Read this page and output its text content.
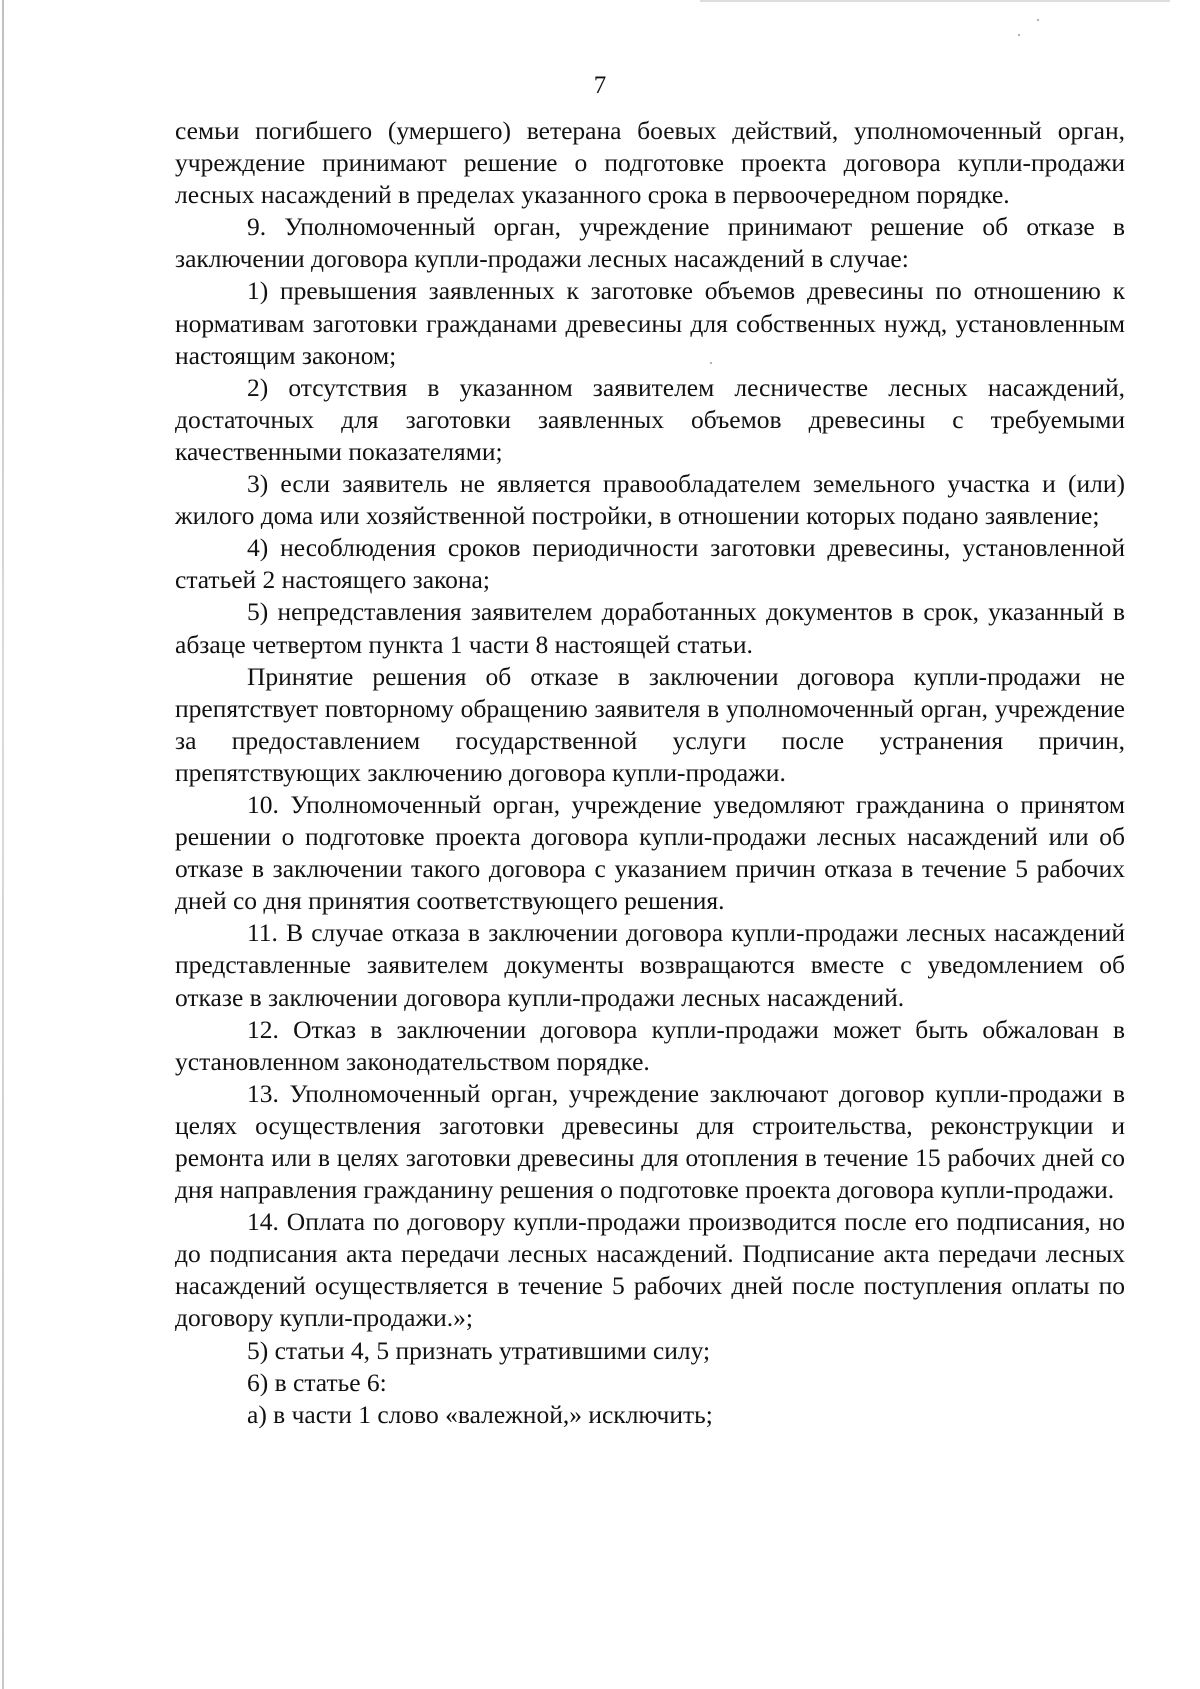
7

семьи погибшего (умершего) ветерана боевых действий, уполномоченный орган, учреждение принимают решение о подготовке проекта договора купли-продажи лесных насаждений в пределах указанного срока в первоочередном порядке.

9. Уполномоченный орган, учреждение принимают решение об отказе в заключении договора купли-продажи лесных насаждений в случае:

1) превышения заявленных к заготовке объемов древесины по отношению к нормативам заготовки гражданами древесины для собственных нужд, установленным настоящим законом;

2) отсутствия в указанном заявителем лесничестве лесных насаждений, достаточных для заготовки заявленных объемов древесины с требуемыми качественными показателями;

3) если заявитель не является правообладателем земельного участка и (или) жилого дома или хозяйственной постройки, в отношении которых подано заявление;

4) несоблюдения сроков периодичности заготовки древесины, установленной статьей 2 настоящего закона;

5) непредставления заявителем доработанных документов в срок, указанный в абзаце четвертом пункта 1 части 8 настоящей статьи.

Принятие решения об отказе в заключении договора купли-продажи не препятствует повторному обращению заявителя в уполномоченный орган, учреждение за предоставлением государственной услуги после устранения причин, препятствующих заключению договора купли-продажи.

10. Уполномоченный орган, учреждение уведомляют гражданина о принятом решении о подготовке проекта договора купли-продажи лесных насаждений или об отказе в заключении такого договора с указанием причин отказа в течение 5 рабочих дней со дня принятия соответствующего решения.

11. В случае отказа в заключении договора купли-продажи лесных насаждений представленные заявителем документы возвращаются вместе с уведомлением об отказе в заключении договора купли-продажи лесных насаждений.

12. Отказ в заключении договора купли-продажи может быть обжалован в установленном законодательством порядке.

13. Уполномоченный орган, учреждение заключают договор купли-продажи в целях осуществления заготовки древесины для строительства, реконструкции и ремонта или в целях заготовки древесины для отопления в течение 15 рабочих дней со дня направления гражданину решения о подготовке проекта договора купли-продажи.

14. Оплата по договору купли-продажи производится после его подписания, но до подписания акта передачи лесных насаждений. Подписание акта передачи лесных насаждений осуществляется в течение 5 рабочих дней после поступления оплаты по договору купли-продажи.»;

5) статьи 4, 5 признать утратившими силу;

6) в статье 6:

а) в части 1 слово «валежной,» исключить;
